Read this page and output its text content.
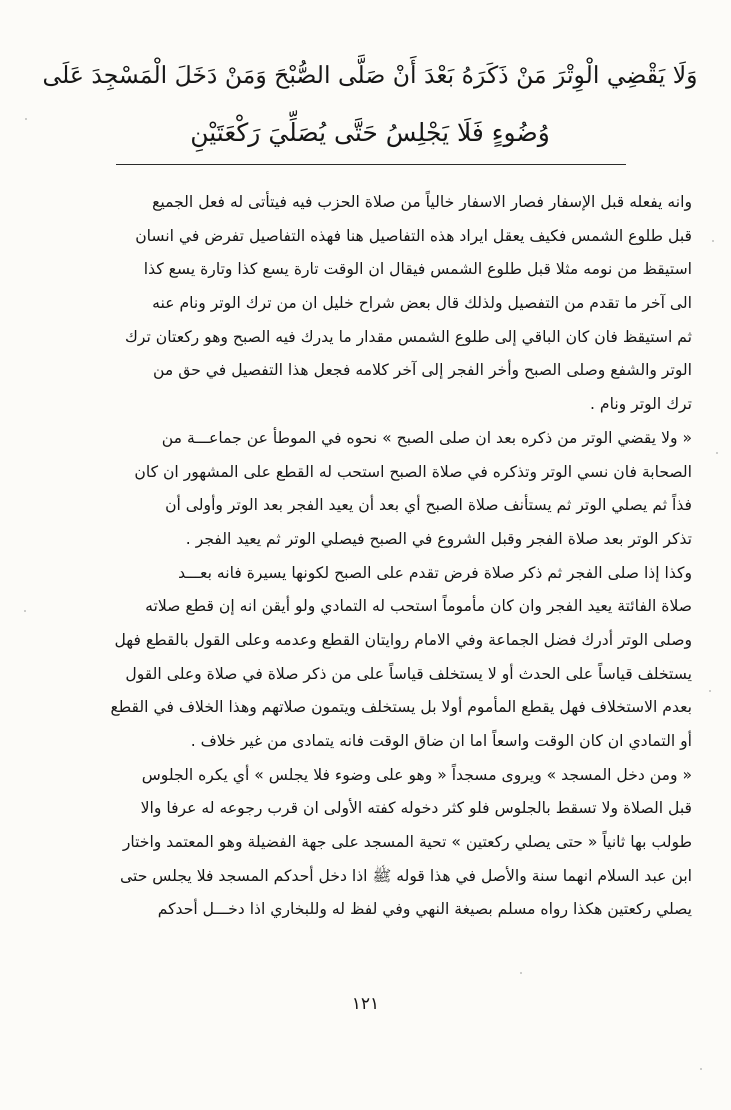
وَلَا يَقْضِي الْوِتْرَ مَنْ ذَكَرَهُ بَعْدَ أَنْ صَلَّى الصُّبْحَ وَمَنْ دَخَلَ الْمَسْجِدَ عَلَى
وُضُوءٍ فَلَا يَجْلِسُ حَتَّى يُصَلِّيَ رَكْعَتَيْنِ
وانه يفعله قبل الإسفار فصار الاسفار خالياً من صلاة الحزب فيه فيتأتى له فعل الجميع
قبل طلوع الشمس فكيف يعقل ايراد هذه التفاصيل هنا فهذه التفاصيل تفرض في انسان
استيقظ من نومه مثلا قبل طلوع الشمس فيقال ان الوقت تارة يسع كذا وتارة يسع كذا
الى آخر ما تقدم من التفصيل ولذلك قال بعض شراح خليل ان من ترك الوتر ونام عنه
ثم استيقظ فان كان الباقي إلى طلوع الشمس مقدار ما يدرك فيه الصبح وهو ركعتان ترك
الوتر والشفع وصلى الصبح وأخر الفجر إلى آخر كلامه فجعل هذا التفصيل في حق من
ترك الوتر ونام .
« ولا يقضي الوتر من ذكره بعد ان صلى الصبح » نحوه في الموطأ عن جماعـــة من
الصحابة فان نسي الوتر وتذكره في صلاة الصبح استحب له القطع على المشهور ان كان
فذاً ثم يصلي الوتر ثم يستأنف صلاة الصبح أي بعد أن يعيد الفجر بعد الوتر وأولى أن
تذكر الوتر بعد صلاة الفجر وقبل الشروع في الصبح فيصلي الوتر ثم يعيد الفجر .
وكذا إذا صلى الفجر ثم ذكر صلاة فرض تقدم على الصبح لكونها يسيرة فانه بعـــد
صلاة الفائتة يعيد الفجر وان كان مأموماً استحب له التمادي ولو أيقن انه إن قطع صلاته
وصلى الوتر أدرك فضل الجماعة وفي الامام روايتان القطع وعدمه وعلى القول بالقطع فهل
يستخلف قياساً على الحدث أو لا يستخلف قياساً على من ذكر صلاة في صلاة وعلى القول
بعدم الاستخلاف فهل يقطع المأموم أولا بل يستخلف ويتمون صلاتهم وهذا الخلاف في القطع
أو التمادي ان كان الوقت واسعاً اما ان ضاق الوقت فانه يتمادى من غير خلاف .
« ومن دخل المسجد » ويروى مسجداً « وهو على وضوء فلا يجلس » أي يكره الجلوس
قبل الصلاة ولا تسقط بالجلوس فلو كثر دخوله كفته الأولى ان قرب رجوعه له عرفا والا
طولب بها ثانياً « حتى يصلي ركعتين » تحية المسجد على جهة الفضيلة وهو المعتمد واختار
ابن عبد السلام انهما سنة والأصل في هذا قوله ﷺ اذا دخل أحدكم المسجد فلا يجلس حتى
يصلي ركعتين هكذا رواه مسلم بصيغة النهي وفي لفظ له وللبخاري اذا دخـــل أحدكم
١٢١
